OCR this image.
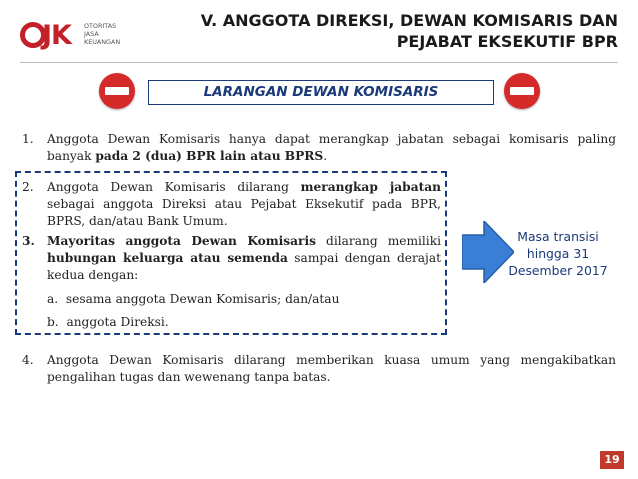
JK OTORITAS
JASA
KEUANGAN
V. ANGGOTA DIREKSI, DEWAN KOMISARIS DAN
PEJABAT EKSEKUTIF BPR
LARANGAN DEWAN KOMISARIS
1. Anggota Dewan Komisaris hanya dapat merangkap jabatan sebagai komisaris paling banyak pada 2 (dua) BPR lain atau BPRS.
2. Anggota Dewan Komisaris dilarang merangkap jabatan sebagai anggota Direksi atau Pejabat Eksekutif pada BPR, BPRS, dan/atau Bank Umum.
3. Mayoritas anggota Dewan Komisaris dilarang memiliki hubungan keluarga atau semenda sampai dengan derajat kedua dengan:
a. sesama anggota Dewan Komisaris; dan/atau
b. anggota Direksi.
Masa transisi
hingga 31
Desember 2017
4. Anggota Dewan Komisaris dilarang memberikan kuasa umum yang mengakibatkan pengalihan tugas dan wewenang tanpa batas.
19
